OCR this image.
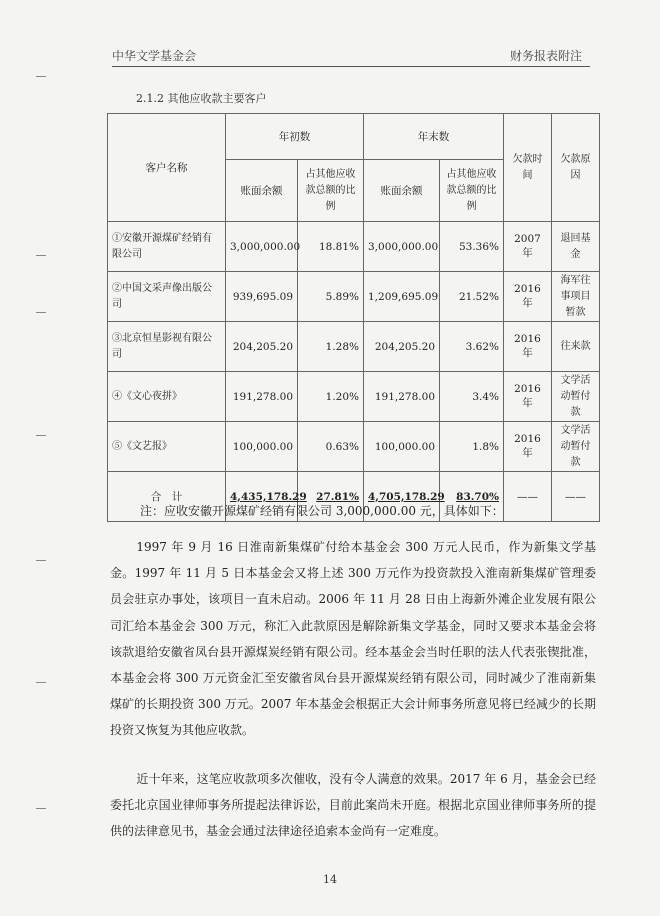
中华文学基金会	财务报表附注
2.1.2 其他应收款主要客户
客户名称	年初数		年末数		欠款时间	欠款原因
	账面余额	占其他应收款总额的比例	账面余额	占其他应收款总额的比例		
①安徽开源煤矿经销有限公司	3,000,000.00	18.81%	3,000,000.00	53.36%	2007 年	退回基金
②中国文采声像出版公司	939,695.09	5.89%	1,209,695.09	21.52%	2016 年	海军往事项目暂款
③北京恒星影视有限公司	204,205.20	1.28%	204,205.20	3.62%	2016 年	往来款
④《文心夜拼》	191,278.00	1.20%	191,278.00	3.4%	2016 年	文学活动暂付款
⑤《文艺报》	100,000.00	0.63%	100,000.00	1.8%	2016 年	文学活动暂付款
合　计	4,435,178.29	27.81%	4,705,178.29	83.70%	——	——
注：应收安徽开源煤矿经销有限公司 3,000,000.00 元，具体如下：

1997 年 9 月 16 日淮南新集煤矿付给本基金会 300 万元人民币，作为新集文学基金。1997 年 11 月 5 日本基金会又将上述 300 万元作为投资款投入淮南新集煤矿管理委员会驻京办事处，该项目一直未启动。2006 年 11 月 28 日由上海新外滩企业发展有限公司汇给本基金会 300 万元，称汇入此款原因是解除新集文学基金，同时又要求本基金会将该款退给安徽省凤台县开源煤炭经销有限公司。经本基金会当时任职的法人代表张锲批准，本基金会将 300 万元资金汇至安徽省凤台县开源煤炭经销有限公司，同时减少了淮南新集煤矿的长期投资 300 万元。2007 年本基金会根据正大会计师事务所意见将已经减少的长期投资又恢复为其他应收款。

近十年来，这笔应收款项多次催收，没有令人满意的效果。2017 年 6 月，基金会已经委托北京国业律师事务所提起法律诉讼，目前此案尚未开庭。根据北京国业律师事务所的提供的法律意见书，基金会通过法律途径追索本金尚有一定难度。

14
